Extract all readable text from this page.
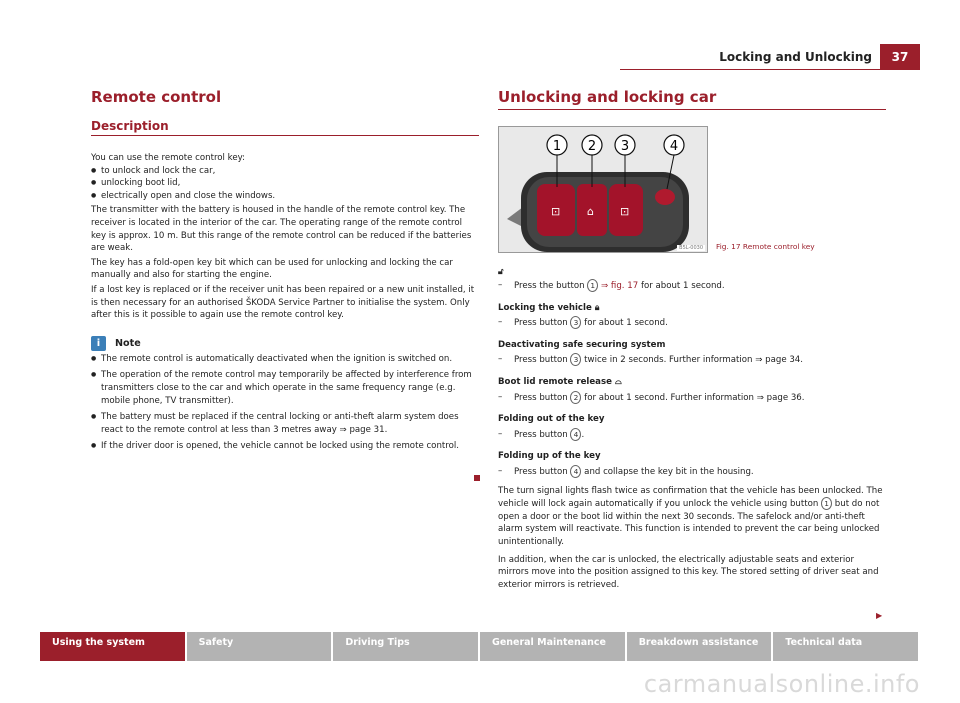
Locking and Unlocking	37
Remote control
Description

You can use the remote control key:

● to unlock and lock the car,
● unlocking boot lid,
● electrically open and close the windows.

The transmitter with the battery is housed in the handle of the remote control key. The receiver is located in the interior of the car. The operating range of the remote control key is approx. 10 m. But this range of the remote control can be reduced if the batteries are weak.

The key has a fold-open key bit which can be used for unlocking and locking the car manually and also for starting the engine.

If a lost key is replaced or if the receiver unit has been repaired or a new unit installed, it is then necessary for an authorised ŠKODA Service Partner to initialise the system. Only after this is it possible to again use the remote control key.

i	Note
● The remote control is automatically deactivated when the ignition is switched on.
● The operation of the remote control may temporarily be affected by interference from transmitters close to the car and which operate in the same frequency range (e.g. mobile phone, TV transmitter).
● The battery must be replaced if the central locking or anti-theft alarm system does react to the remote control at less than 3 metres away ⇒ page 31.
● If the driver door is opened, the vehicle cannot be locked using the remote control.
Unlocking and locking car
⊡ ⌂ ⊡
1 2 3	4
B5L-0030 Fig. 17 Remote control key
🔓︎
–	Press the button 1 ⇒ fig. 17 for about 1 second.
Locking the vehicle 🔒︎
–	Press button 3 for about 1 second.
Deactivating safe securing system
–	Press button 3 twice in 2 seconds. Further information ⇒ page 34.
Boot lid remote release ⌓
–	Press button 2 for about 1 second. Further information ⇒ page 36.
Folding out of the key
–	Press button 4 .
Folding up of the key
–	Press button 4 and collapse the key bit in the housing.

The turn signal lights flash twice as confirmation that the vehicle has been unlocked. The vehicle will lock again automatically if you unlock the vehicle using button 1 but do not open a door or the boot lid within the next 30 seconds. The safelock and/or anti-theft alarm system will reactivate. This function is intended to prevent the car being unlocked unintentionally.

In addition, when the car is unlocked, the electrically adjustable seats and exterior mirrors move into the position assigned to this key. The stored setting of driver seat and exterior mirrors is retrieved.

▶
Using the system	Safety	Driving Tips	General Maintenance	Breakdown assistance	Technical data
carmanualsonline.info
